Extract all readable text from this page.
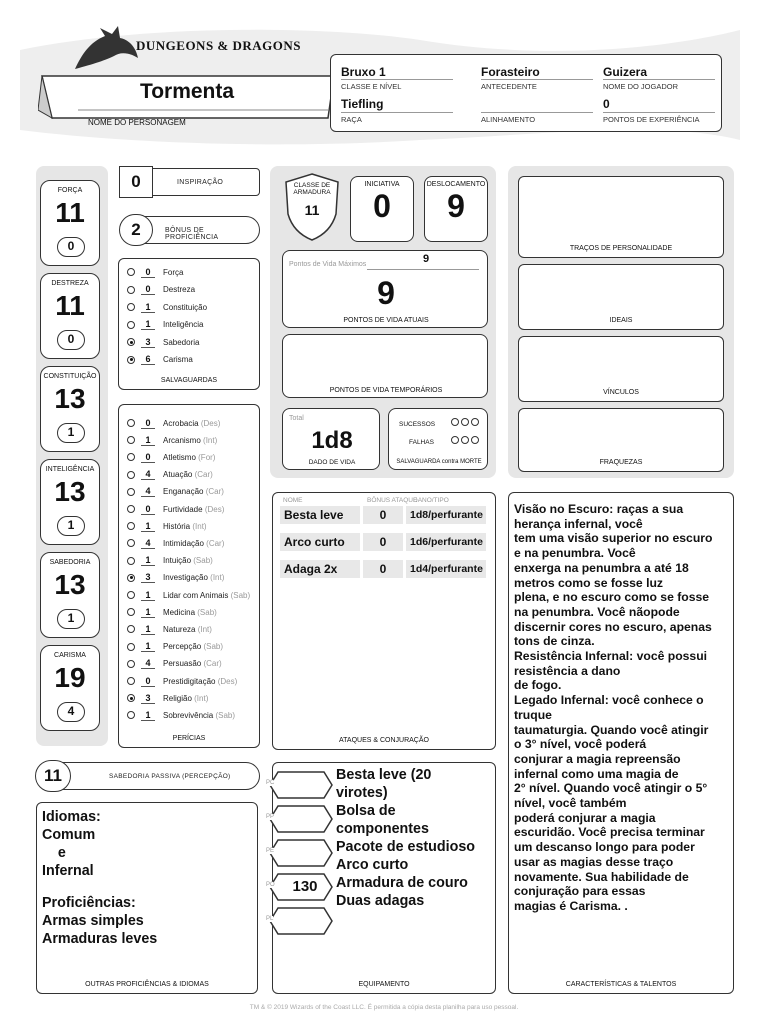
DUNGEONS & DRAGONS
Tormenta
NOME DO PERSONAGEM
Bruxo 1
CLASSE E NÍVEL
Forasteiro
ANTECEDENTE
Guizera
NOME DO JOGADOR
Tiefling
RAÇA	ALINHAMENTO
0
PONTOS DE EXPERIÊNCIA
FORÇA
11
0
DESTREZA
11
0
CONSTITUIÇÃO
13
1
INTELIGÊNCIA
13
1
SABEDORIA
13
1
CARISMA
19
4
0	INSPIRAÇÃO
2	BÔNUS DE PROFICIÊNCIA
0	Força
0	Destreza
1	Constituição
1	Inteligência
3	Sabedoria
6	Carisma
SALVAGUARDAS
0	Acrobacia (Des)
1	Arcanismo (Int)
0	Atletismo (For)
4	Atuação (Car)
4	Enganação (Car)
0	Furtividade (Des)
1	História (Int)
4	Intimidação (Car)
1	Intuição (Sab)
3	Investigação (Int)
1	Lidar com Animais (Sab)
1	Medicina (Sab)
1	Natureza (Int)
1	Percepção (Sab)
4	Persuasão (Car)
0	Prestidigitação (Des)
3	Religião (Int)
1	Sobrevivência (Sab)
PERÍCIAS
11	SABEDORIA PASSIVA (PERCEPÇÃO)
OUTRAS PROFICIÊNCIAS & IDIOMAS
Idiomas:
Comum
e
Infernal
Proficiências:
Armas simples
Armaduras leves
CLASSE DE ARMADURA
11
INICIATIVA
0
DESLOCAMENTO
9
Pontos de Vida Máximos	9
9
PONTOS DE VIDA ATUAIS
PONTOS DE VIDA TEMPORÁRIOS
Total
1d8
DADO DE VIDA
SUCESSOS
FALHAS
SALVAGUARDA contra MORTE
TRAÇOS DE PERSONALIDADE
IDEAIS
VÍNCULOS
FRAQUEZAS
NOME	BÔNUS ATAQUE
DANO/TIPO
ATAQUES & CONJURAÇÃO
Besta leve	0	1d8/perfurante
Arco curto	0	1d6/perfurante
Adaga 2x	0	1d4/perfurante
EQUIPAMENTO
PC
PP
PE
PO	130
PL
Besta leve (20
virotes)
Bolsa de
componentes
Pacote de estudioso
Arco curto
Armadura de couro
Duas adagas
CARACTERÍSTICAS & TALENTOS
Visão no Escuro: raças a sua
herança infernal, você
tem uma visão superior no escuro
e na penumbra. Você
enxerga na penumbra a até 18
metros como se fosse luz
plena, e no escuro como se fosse
na penumbra. Você nãopode
discernir cores no escuro, apenas
tons de cinza.
Resistência Infernal: você possui
resistência a dano
de fogo.
Legado Infernal: você conhece o
truque
taumaturgia. Quando você atingir
o 3° nível, você poderá
conjurar a magia repreensão
infernal como uma magia de
2° nível. Quando você atingir o 5°
nível, você também
poderá conjurar a magia
escuridão. Você precisa terminar
um descanso longo para poder
usar as magias desse traço
novamente. Sua habilidade de
conjuração para essas
magias é Carisma. .
TM & © 2019 Wizards of the Coast LLC. É permitida a cópia desta planilha para uso pessoal.
